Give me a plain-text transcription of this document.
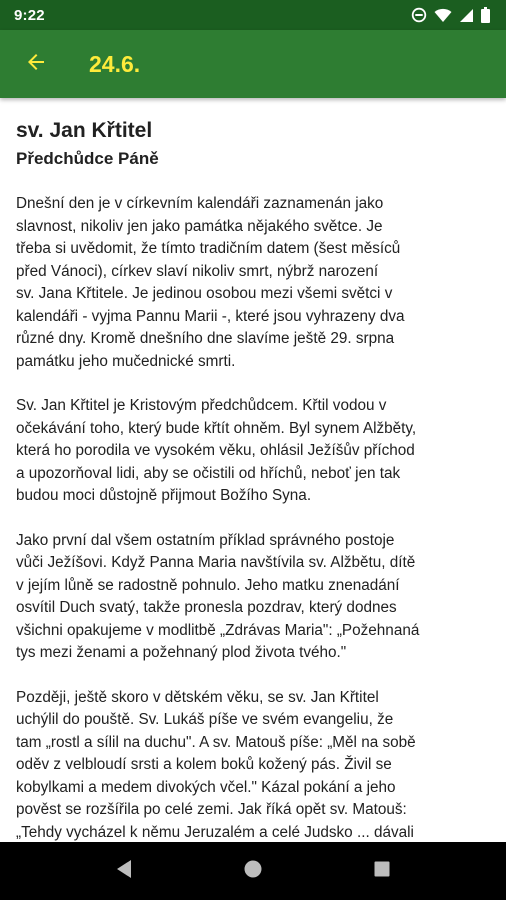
9:22
24.6.
sv. Jan Křtitel
Předchůdce Páně

Dnešní den je v církevním kalendáři zaznamenán jako
slavnost, nikoliv jen jako památka nějakého světce. Je
třeba si uvědomit, že tímto tradičním datem (šest měsíců
před Vánoci), církev slaví nikoliv smrt, nýbrž narození
sv. Jana Křtitele. Je jedinou osobou mezi všemi světci v
kalendáři - vyjma Pannu Marii -, které jsou vyhrazeny dva
různé dny. Kromě dnešního dne slavíme ještě 29. srpna
památku jeho mučednické smrti.

Sv. Jan Křtitel je Kristovým předchůdcem. Křtil vodou v
očekávání toho, který bude křtít ohněm. Byl synem Alžběty,
která ho porodila ve vysokém věku, ohlásil Ježíšův příchod
a upozorňoval lidi, aby se očistili od hříchů, neboť jen tak
budou moci důstojně přijmout Božího Syna.

Jako první dal všem ostatním příklad správného postoje
vůči Ježíšovi. Když Panna Maria navštívila sv. Alžbětu, dítě
v jejím lůně se radostně pohnulo. Jeho matku znenadání
osvítil Duch svatý, takže pronesla pozdrav, který dodnes
všichni opakujeme v modlitbě „Zdrávas Maria": „Požehnaná
tys mezi ženami a požehnaný plod života tvého."

Později, ještě skoro v dětském věku, se sv. Jan Křtitel
uchýlil do pouště. Sv. Lukáš píše ve svém evangeliu, že
tam „rostl a sílil na duchu". A sv. Matouš píše: „Měl na sobě
oděv z velbloudí srsti a kolem boků kožený pás. Živil se
kobylkami a medem divokých včel." Kázal pokání a jeho
pověst se rozšířila po celé zemi. Jak říká opět sv. Matouš:
„Tehdy vycházel k němu Jeruzalém a celé Judsko ... dávali
